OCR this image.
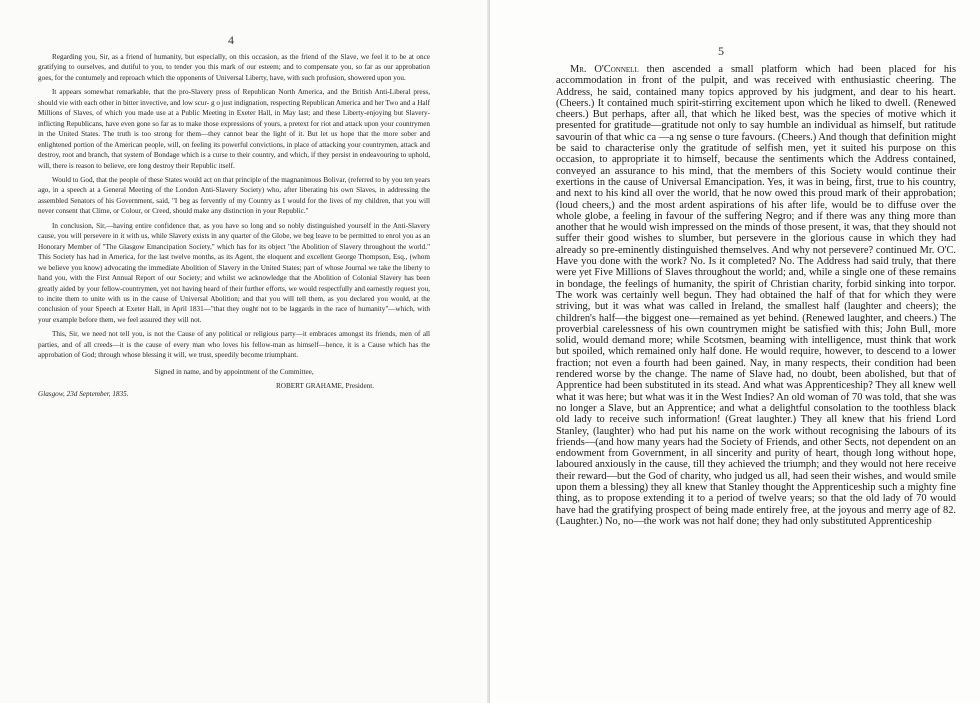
4

Regarding you, Sir, as a friend of humanity, but especially, on this occasion, as the friend of the Slave, we feel it to be at once gratifying to ourselves, and dutiful to you, to tender you this mark of our esteem; and to compensate you, so far as our approbation goes, for the contumely and reproach which the opponents of Universal Liberty, have, with such profusion, showered upon you.

It appears somewhat remarkable, that the pro-Slavery press of Republican North America, and the British Anti-Liberal press, should vie with each other in bitter invective, and low scur- g o just indignation, respecting Republican America and her Two and a Half Millions of Slaves, of which you made use at a Public Meeting in Exeter Hall, in May last; and these Liberty-enjoying but Slavery-inflicting Republicans, have even gone so far as to make those expressions of yours, a pretext for riot and attack upon your countrymen in the United States. The truth is too strong for them—they cannot bear the light of it. But let us hope that the more sober and enlightened portion of the American people, will, on feeling its powerful convictions, in place of attacking your countrymen, attack and destroy, root and branch, that system of Bondage which is a curse to their country, and which, if they persist in endeavouring to uphold, will, there is reason to believe, ere long destroy their Republic itself.

Would to God, that the people of these States would act on that principle of the magnanimous Bolivar, (referred to by you ten years ago, in a speech at a General Meeting of the London Anti-Slavery Society) who, after liberating his own Slaves, in addressing the assembled Senators of his Government, said, "I beg as fervently of my Country as I would for the lives of my children, that you will never consent that Clime, or Colour, or Creed, should make any distinction in your Republic."

In conclusion, Sir,—having entire confidence that, as you have so long and so nobly distinguished yourself in the Anti-Slavery cause, you will persevere in it with us, while Slavery exists in any quarter of the Globe, we beg leave to be permitted to enrol you as an Honorary Member of "The Glasgow Emancipation Society," which has for its object "the Abolition of Slavery throughout the world." This Society has had in America, for the last twelve months, as its Agent, the eloquent and excellent George Thompson, Esq., (whom we believe you know) advocating the immediate Abolition of Slavery in the United States; part of whose Journal we take the liberty to hand you, with the First Annual Report of our Society; and whilst we acknowledge that the Abolition of Colonial Slavery has been greatly aided by your fellow-countrymen, yet not having heard of their further efforts, we would respectfully and earnestly request you, to incite them to unite with us in the cause of Universal Abolition; and that you will tell them, as you declared you would, at the conclusion of your Speech at Exeter Hall, in April 1831—"that they ought not to be laggards in the race of humanity"—which, with your example before them, we feel assured they will not.

This, Sir, we need not tell you, is not the Cause of any political or religious party—it embraces amongst its friends, men of all parties, and of all creeds—it is the cause of every man who loves his fellow-man as himself—hence, it is a Cause which has the approbation of God; through whose blessing it will, we trust, speedily become triumphant.

Signed in name, and by appointment of the Committee,

ROBERT GRAHAME, President.
Glasgow, 23d September, 1835.
5

Mr. O'Connell then ascended a small platform which had been placed for his accommodation in front of the pulpit, and was received with enthusiastic cheering. The Address, he said, contained many topics approved by his judgment, and dear to his heart. (Cheers.) It contained much spirit-stirring excitement upon which he liked to dwell. (Renewed cheers.) But perhaps, after all, that which he liked best, was the species of motive which it presented for gratitude—gratitude not only to say humble an individual as himself, but ratitude savourin of that whic ca —a ng sense o ture favours. (Cheers.) And though that definition might be said to characterise only the gratitude of selfish men, yet it suited his purpose on this occasion, to appropriate it to himself, because the sentiments which the Address contained, conveyed an assurance to his mind, that the members of this Society would continue their exertions in the cause of Universal Emancipation. Yes, it was in being, first, true to his country, and next to his kind all over the world, that he now owed this proud mark of their approbation; (loud cheers,) and the most ardent aspirations of his after life, would be to diffuse over the whole globe, a feeling in favour of the suffering Negro; and if there was any thing more than another that he would wish impressed on the minds of those present, it was, that they should not suffer their good wishes to slumber, but persevere in the glorious cause in which they had already so pre-eminently distinguished themselves. And why not persevere? continued Mr. O'C. Have you done with the work? No. Is it completed? No. The Address had said truly, that there were yet Five Millions of Slaves throughout the world; and, while a single one of these remains in bondage, the feelings of humanity, the spirit of Christian charity, forbid sinking into torpor. The work was certainly well begun. They had obtained the half of that for which they were striving, but it was what was called in Ireland, the smallest half (laughter and cheers); the children's half—the biggest one—remained as yet behind. (Renewed laughter, and cheers.) The proverbial carelessness of his own countrymen might be satisfied with this; John Bull, more solid, would demand more; while Scotsmen, beaming with intelligence, must think that work but spoiled, which remained only half done. He would require, however, to descend to a lower fraction; not even a fourth had been gained. Nay, in many respects, their condition had been rendered worse by the change. The name of Slave had, no doubt, been abolished, but that of Apprentice had been substituted in its stead. And what was Apprenticeship? They all knew well what it was here; but what was it in the West Indies? An old woman of 70 was told, that she was no longer a Slave, but an Apprentice; and what a delightful consolation to the toothless black old lady to receive such information! (Great laughter.) They all knew that his friend Lord Stanley, (laughter) who had put his name on the work without recognising the labours of its friends—(and how many years had the Society of Friends, and other Sects, not dependent on an endowment from Government, in all sincerity and purity of heart, though long without hope, laboured anxiously in the cause, till they achieved the triumph; and they would not here receive their reward—but the God of charity, who judged us all, had seen their wishes, and would smile upon them a blessing) they all knew that Stanley thought the Apprenticeship such a mighty fine thing, as to propose extending it to a period of twelve years; so that the old lady of 70 would have had the gratifying prospect of being made entirely free, at the joyous and merry age of 82. (Laughter.) No, no—the work was not half done; they had only substituted Apprenticeship
